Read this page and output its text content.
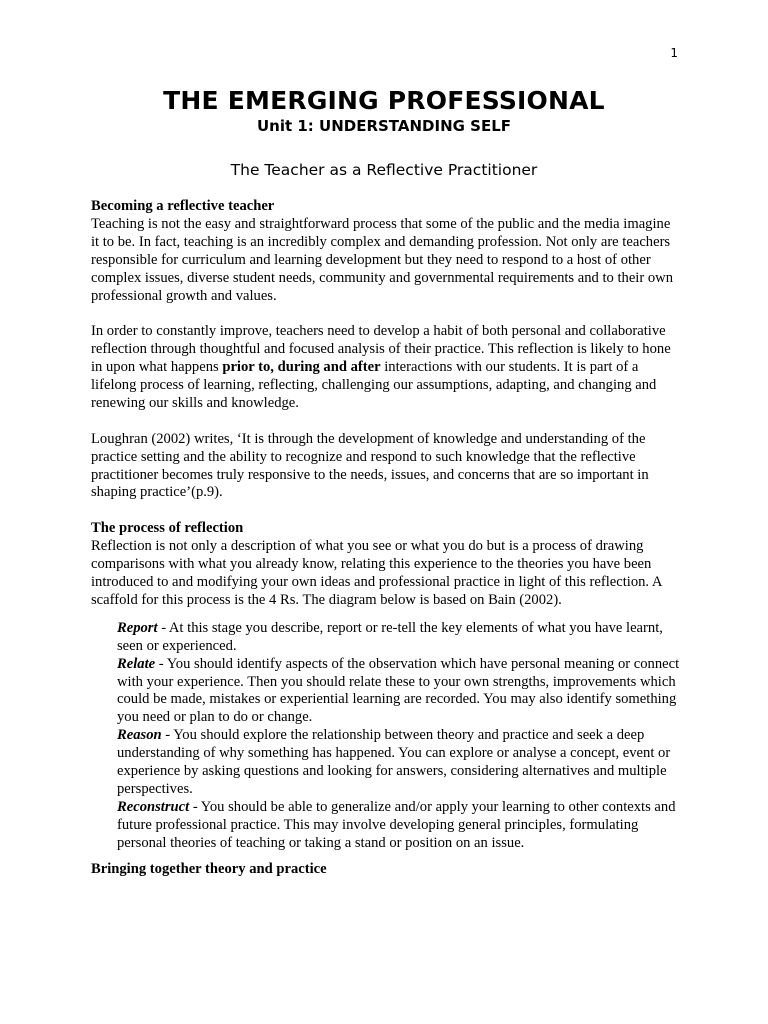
1
THE EMERGING PROFESSIONAL
Unit 1: UNDERSTANDING SELF
The Teacher as a Reflective Practitioner
Becoming a reflective teacher

Teaching is not the easy and straightforward process that some of the public and the media imagine it to be. In fact, teaching is an incredibly complex and demanding profession. Not only are teachers responsible for curriculum and learning development but they need to respond to a host of other complex issues, diverse student needs, community and governmental requirements and to their own professional growth and values.

In order to constantly improve, teachers need to develop a habit of both personal and collaborative reflection through thoughtful and focused analysis of their practice. This reflection is likely to hone in upon what happens prior to, during and after interactions with our students. It is part of a lifelong process of learning, reflecting, challenging our assumptions, adapting, and changing and renewing our skills and knowledge.

Loughran (2002) writes, ‘It is through the development of knowledge and understanding of the practice setting and the ability to recognize and respond to such knowledge that the reflective practitioner becomes truly responsive to the needs, issues, and concerns that are so important in shaping practice’(p.9).

The process of reflection

Reflection is not only a description of what you see or what you do but is a process of drawing comparisons with what you already know, relating this experience to the theories you have been introduced to and modifying your own ideas and professional practice in light of this reflection. A scaffold for this process is the 4 Rs. The diagram below is based on Bain (2002).

Report - At this stage you describe, report or re-tell the key elements of what you have learnt, seen or experienced.

Relate - You should identify aspects of the observation which have personal meaning or connect with your experience. Then you should relate these to your own strengths, improvements which could be made, mistakes or experiential learning are recorded. You may also identify something you need or plan to do or change.

Reason - You should explore the relationship between theory and practice and seek a deep understanding of why something has happened. You can explore or analyse a concept, event or experience by asking questions and looking for answers, considering alternatives and multiple perspectives.

Reconstruct - You should be able to generalize and/or apply your learning to other contexts and future professional practice. This may involve developing general principles, formulating personal theories of teaching or taking a stand or position on an issue.

Bringing together theory and practice
